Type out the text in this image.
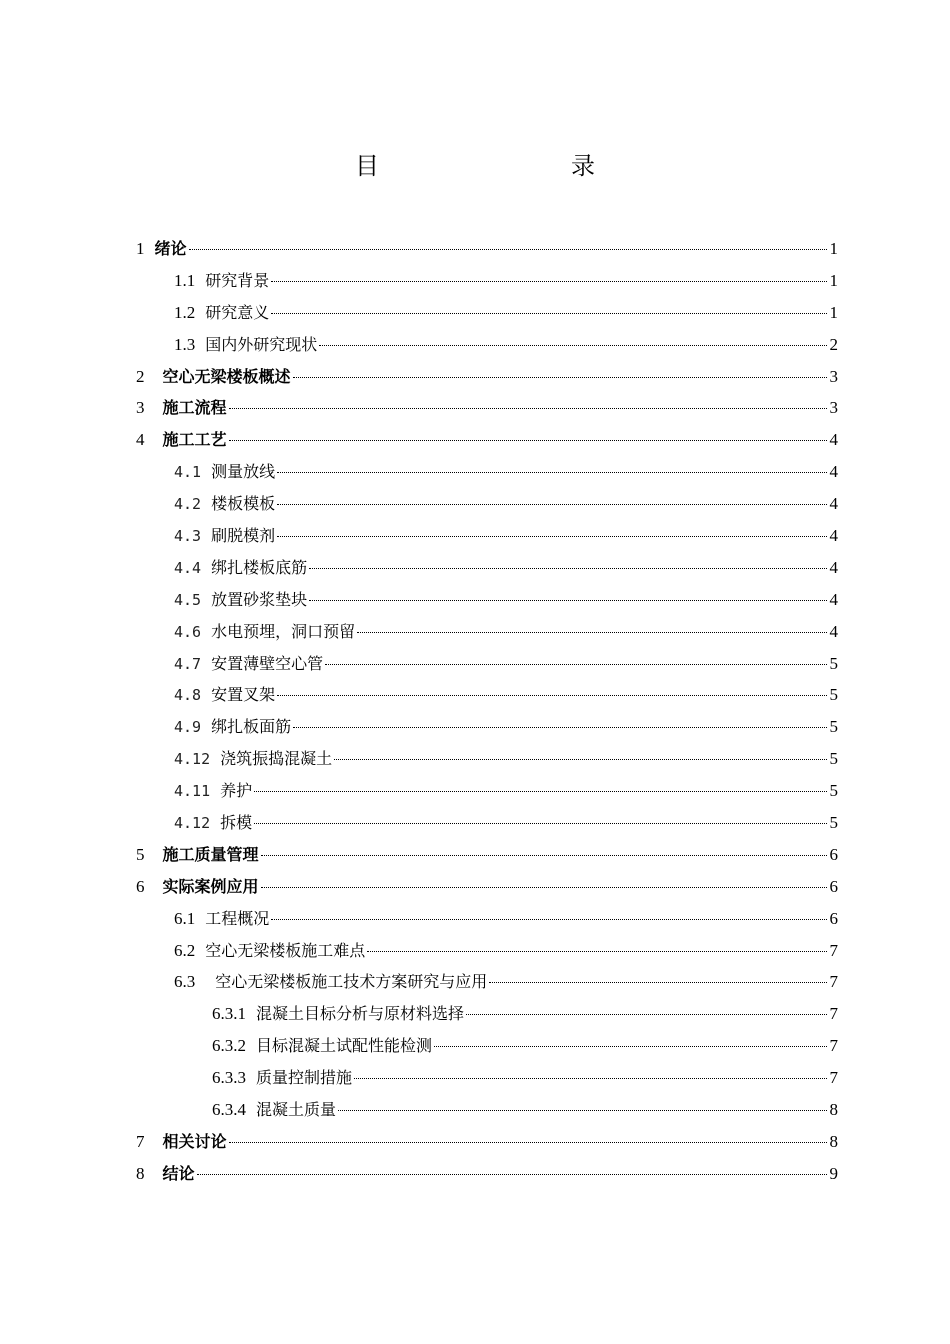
目　　录
1 绪论	1
1.1 研究背景	1
1.2 研究意义	1
1.3 国内外研究现状	2
2 空心无梁楼板概述	3
3 施工流程	3
4 施工工艺	4
4.1 测量放线	4
4.2 楼板模板	4
4.3 刷脱模剂	4
4.4 绑扎楼板底筋	4
4.5 放置砂浆垫块	4
4.6 水电预埋，洞口预留	4
4.7 安置薄壁空心管	5
4.8 安置叉架	5
4.9 绑扎板面筋	5
4.12 浇筑振捣混凝土	5
4.11 养护	5
4.12 拆模	5
5 施工质量管理	6
6 实际案例应用	6
6.1 工程概况	6
6.2 空心无梁楼板施工难点	7
6.3 空心无梁楼板施工技术方案研究与应用	7
6.3.1 混凝土目标分析与原材料选择	7
6.3.2 目标混凝土试配性能检测	7
6.3.3 质量控制措施	7
6.3.4 混凝土质量	8
7 相关讨论	8
8 结论	9
